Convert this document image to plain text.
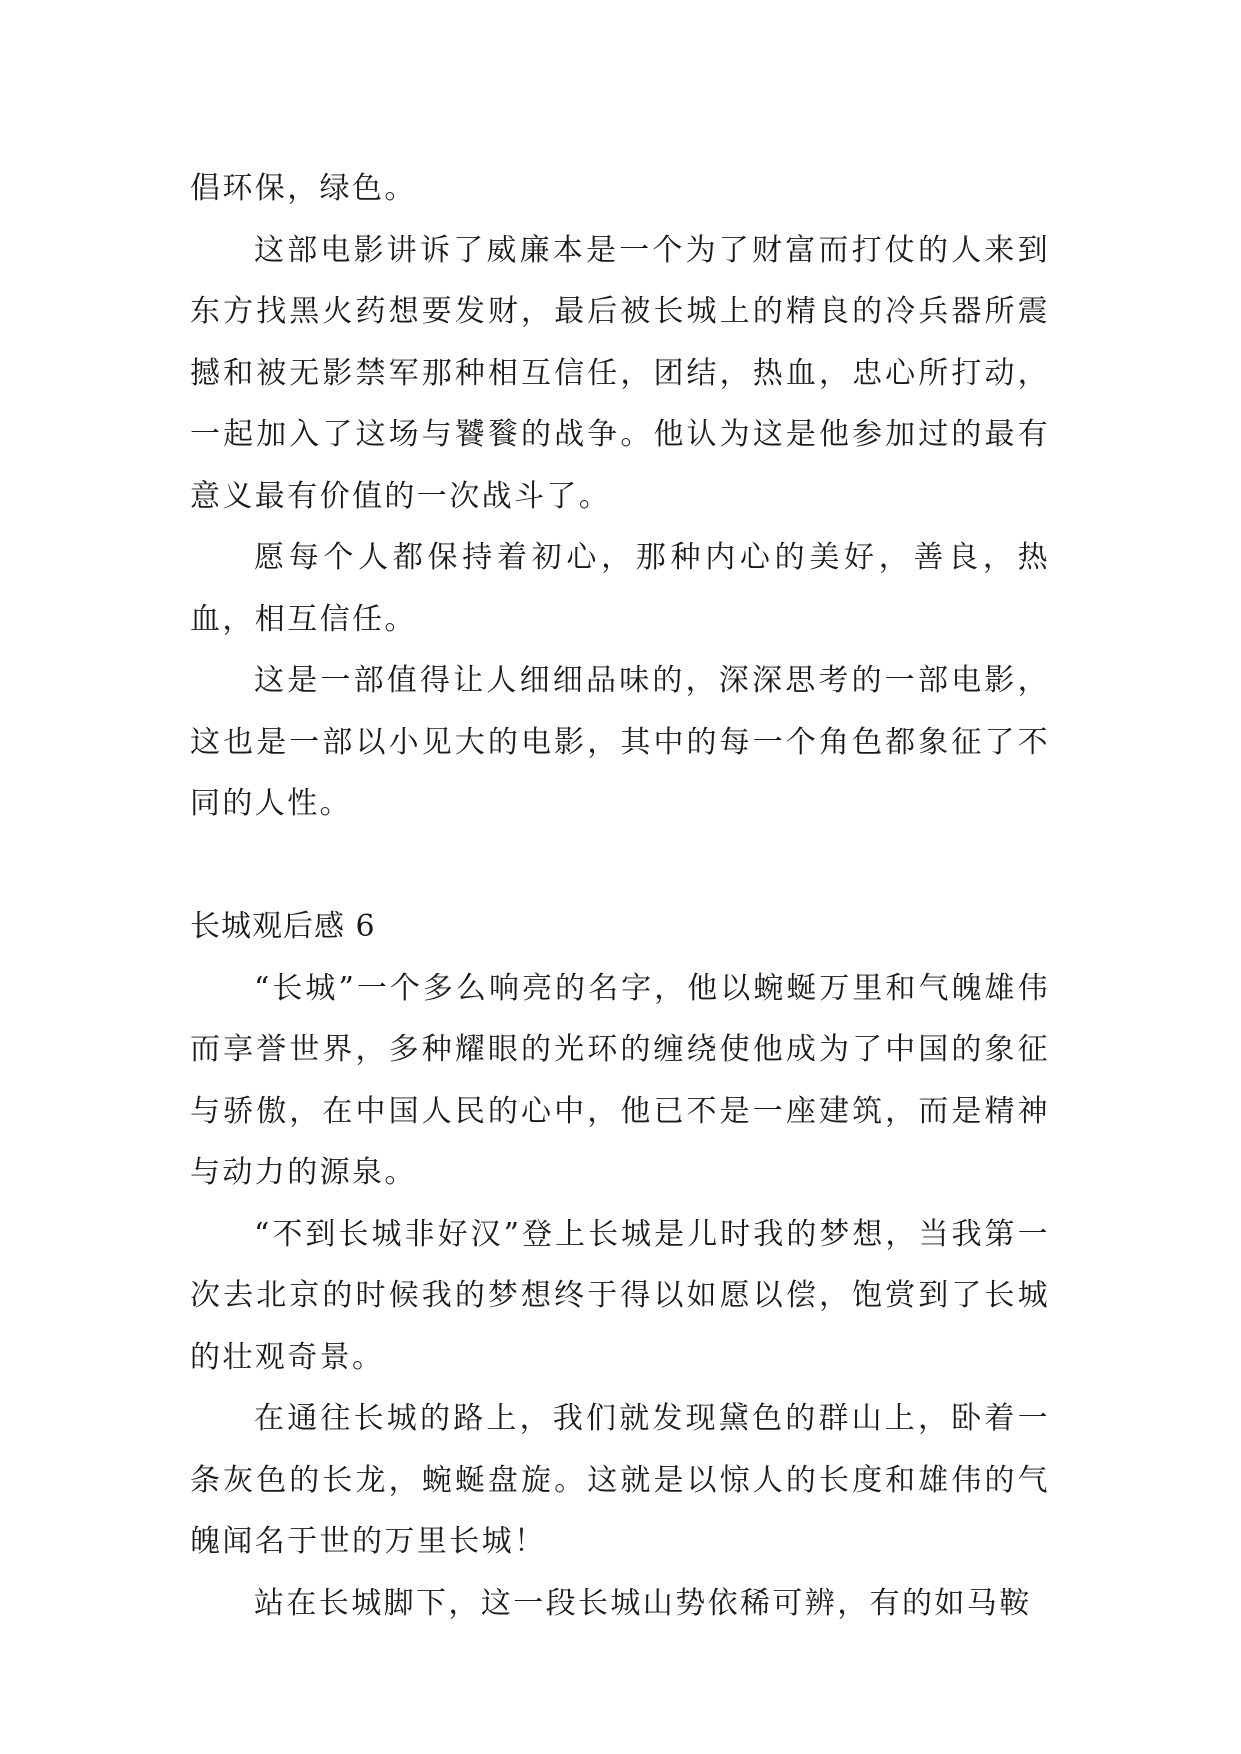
倡环保，绿色。

这部电影讲诉了威廉本是一个为了财富而打仗的人来到东方找黑火药想要发财，最后被长城上的精良的冷兵器所震撼和被无影禁军那种相互信任，团结，热血，忠心所打动，一起加入了这场与饕餮的战争。他认为这是他参加过的最有意义最有价值的一次战斗了。

愿每个人都保持着初心，那种内心的美好，善良，热血，相互信任。

这是一部值得让人细细品味的，深深思考的一部电影，这也是一部以小见大的电影，其中的每一个角色都象征了不同的人性。

长城观后感 6

“长城”一个多么响亮的名字，他以蜿蜒万里和气魄雄伟而享誉世界，多种耀眼的光环的缠绕使他成为了中国的象征与骄傲，在中国人民的心中，他已不是一座建筑，而是精神与动力的源泉。

“不到长城非好汉”登上长城是儿时我的梦想，当我第一次去北京的时候我的梦想终于得以如愿以偿，饱赏到了长城的壮观奇景。

在通往长城的路上，我们就发现黛色的群山上，卧着一条灰色的长龙，蜿蜒盘旋。这就是以惊人的长度和雄伟的气魄闻名于世的万里长城！

站在长城脚下，这一段长城山势依稀可辨，有的如马鞍
